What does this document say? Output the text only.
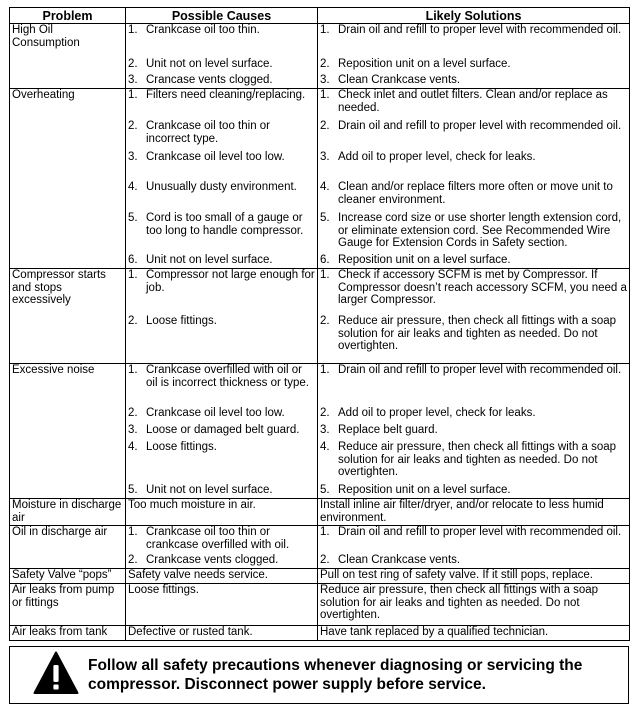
Problem	Possible Causes	Likely Solutions
High Oil Consumption	1. Crankcase oil too thin.	1. Drain oil and refill to proper level with recommended oil.

	2. Unit not on level surface.	2. Reposition unit on a level surface.

	3. Crancase vents clogged.	3. Clean Crankcase vents.

Overheating	1. Filters need cleaning/replacing.	1. Check inlet and outlet filters. Clean and/or replace as needed.

	2. Crankcase oil too thin or incorrect type.	2. Drain oil and refill to proper level with recommended oil.

	3. Crankcase oil level too low.	3. Add oil to proper level, check for leaks.

	4. Unusually dusty environment.	4. Clean and/or replace filters more often or move unit to cleaner environment.

	5. Cord is too small of a gauge or too long to handle compressor.	5. Increase cord size or use shorter length extension cord, or eliminate extension cord. See Recommended Wire Gauge for Extension Cords in Safety section.

	6. Unit not on level surface.	6. Reposition unit on a level surface.

Compressor starts and stops excessively	1. Compressor not large enough for job.	1. Check if accessory SCFM is met by Compressor. If Compressor doesn’t reach accessory SCFM, you need a larger Compressor.

	2. Loose fittings.	2. Reduce air pressure, then check all fittings with a soap solution for air leaks and tighten as needed. Do not overtighten.

Excessive noise	1. Crankcase overfilled with oil or oil is incorrect thickness or type.	1. Drain oil and refill to proper level with recommended oil.

	2. Crankcase oil level too low.	2. Add oil to proper level, check for leaks.

	3. Loose or damaged belt guard.	3. Replace belt guard.

	4. Loose fittings.	4. Reduce air pressure, then check all fittings with a soap solution for air leaks and tighten as needed. Do not overtighten.

	5. Unit not on level surface.	5. Reposition unit on a level surface.

Moisture in discharge air	Too much moisture in air.	Install inline air filter/dryer, and/or relocate to less humid environment.
Oil in discharge air	1. Crankcase oil too thin or crankcase overfilled with oil.	1. Drain oil and refill to proper level with recommended oil.

	2. Crankcase vents clogged.	2. Clean Crankcase vents.

Safety Valve “pops”	Safety valve needs service.	Pull on test ring of safety valve. If it still pops, replace.
Air leaks from pump or fittings	Loose fittings.	Reduce air pressure, then check all fittings with a soap solution for air leaks and tighten as needed. Do not overtighten.
Air leaks from tank	Defective or rusted tank.	Have tank replaced by a qualified technician.
Follow all safety precautions whenever diagnosing or servicing the compressor. Disconnect power supply before service.
